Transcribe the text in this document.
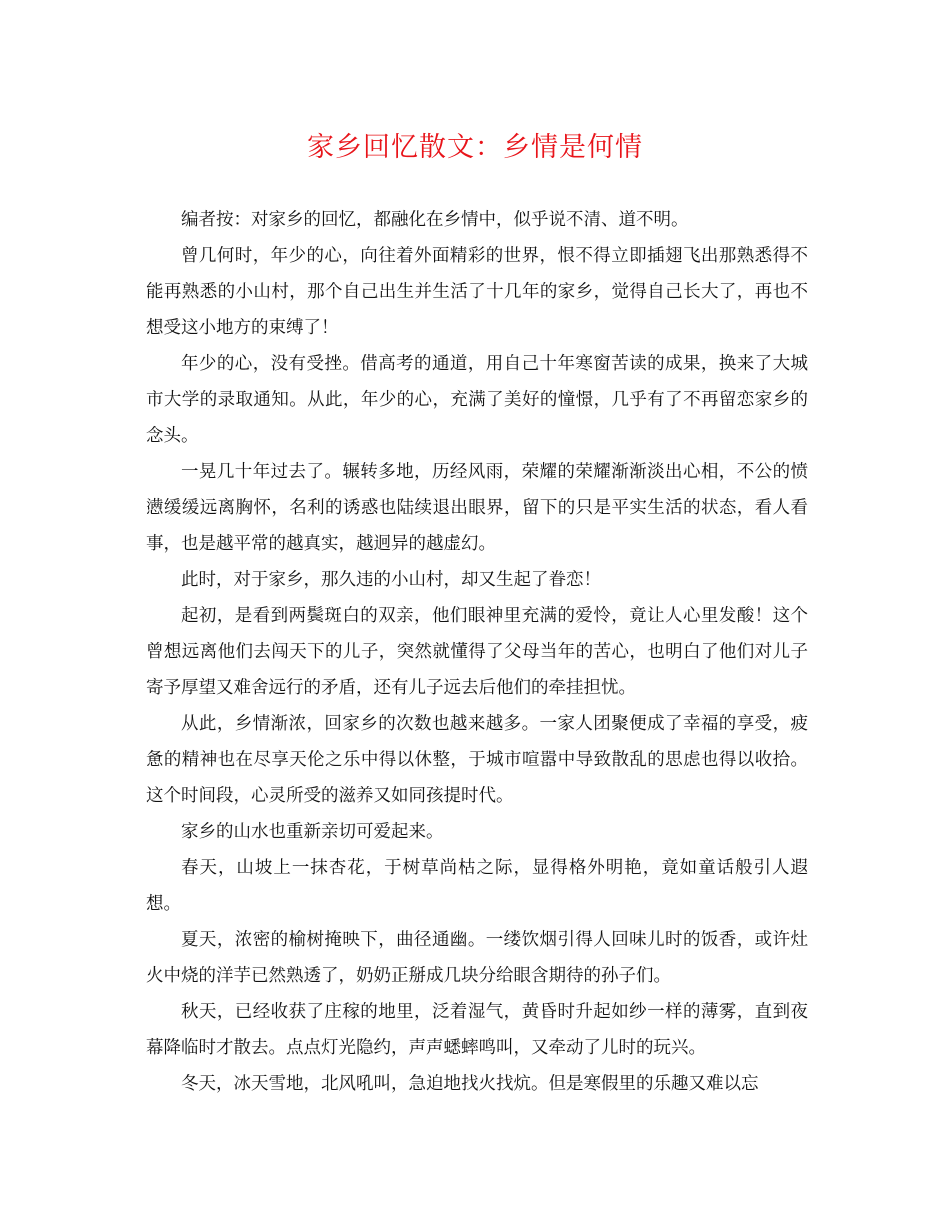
家乡回忆散文：乡情是何情

编者按：对家乡的回忆，都融化在乡情中，似乎说不清、道不明。

曾几何时，年少的心，向往着外面精彩的世界，恨不得立即插翅飞出那熟悉得不能再熟悉的小山村，那个自己出生并生活了十几年的家乡，觉得自己长大了，再也不想受这小地方的束缚了！

年少的心，没有受挫。借高考的通道，用自己十年寒窗苦读的成果，换来了大城市大学的录取通知。从此，年少的心，充满了美好的憧憬，几乎有了不再留恋家乡的念头。

一晃几十年过去了。辗转多地，历经风雨，荣耀的荣耀渐渐淡出心相，不公的愤懑缓缓远离胸怀，名利的诱惑也陆续退出眼界，留下的只是平实生活的状态，看人看事，也是越平常的越真实，越迥异的越虚幻。

此时，对于家乡，那久违的小山村，却又生起了眷恋！

起初，是看到两鬓斑白的双亲，他们眼神里充满的爱怜，竟让人心里发酸！这个曾想远离他们去闯天下的儿子，突然就懂得了父母当年的苦心，也明白了他们对儿子寄予厚望又难舍远行的矛盾，还有儿子远去后他们的牵挂担忧。

从此，乡情渐浓，回家乡的次数也越来越多。一家人团聚便成了幸福的享受，疲惫的精神也在尽享天伦之乐中得以休整，于城市喧嚣中导致散乱的思虑也得以收拾。这个时间段，心灵所受的滋养又如同孩提时代。

家乡的山水也重新亲切可爱起来。

春天，山坡上一抹杏花，于树草尚枯之际，显得格外明艳，竟如童话般引人遐想。

夏天，浓密的榆树掩映下，曲径通幽。一缕饮烟引得人回味儿时的饭香，或许灶火中烧的洋芋已然熟透了，奶奶正掰成几块分给眼含期待的孙子们。

秋天，已经收获了庄稼的地里，泛着湿气，黄昏时升起如纱一样的薄雾，直到夜幕降临时才散去。点点灯光隐约，声声蟋蟀鸣叫，又牵动了儿时的玩兴。

冬天，冰天雪地，北风吼叫，急迫地找火找炕。但是寒假里的乐趣又难以忘
